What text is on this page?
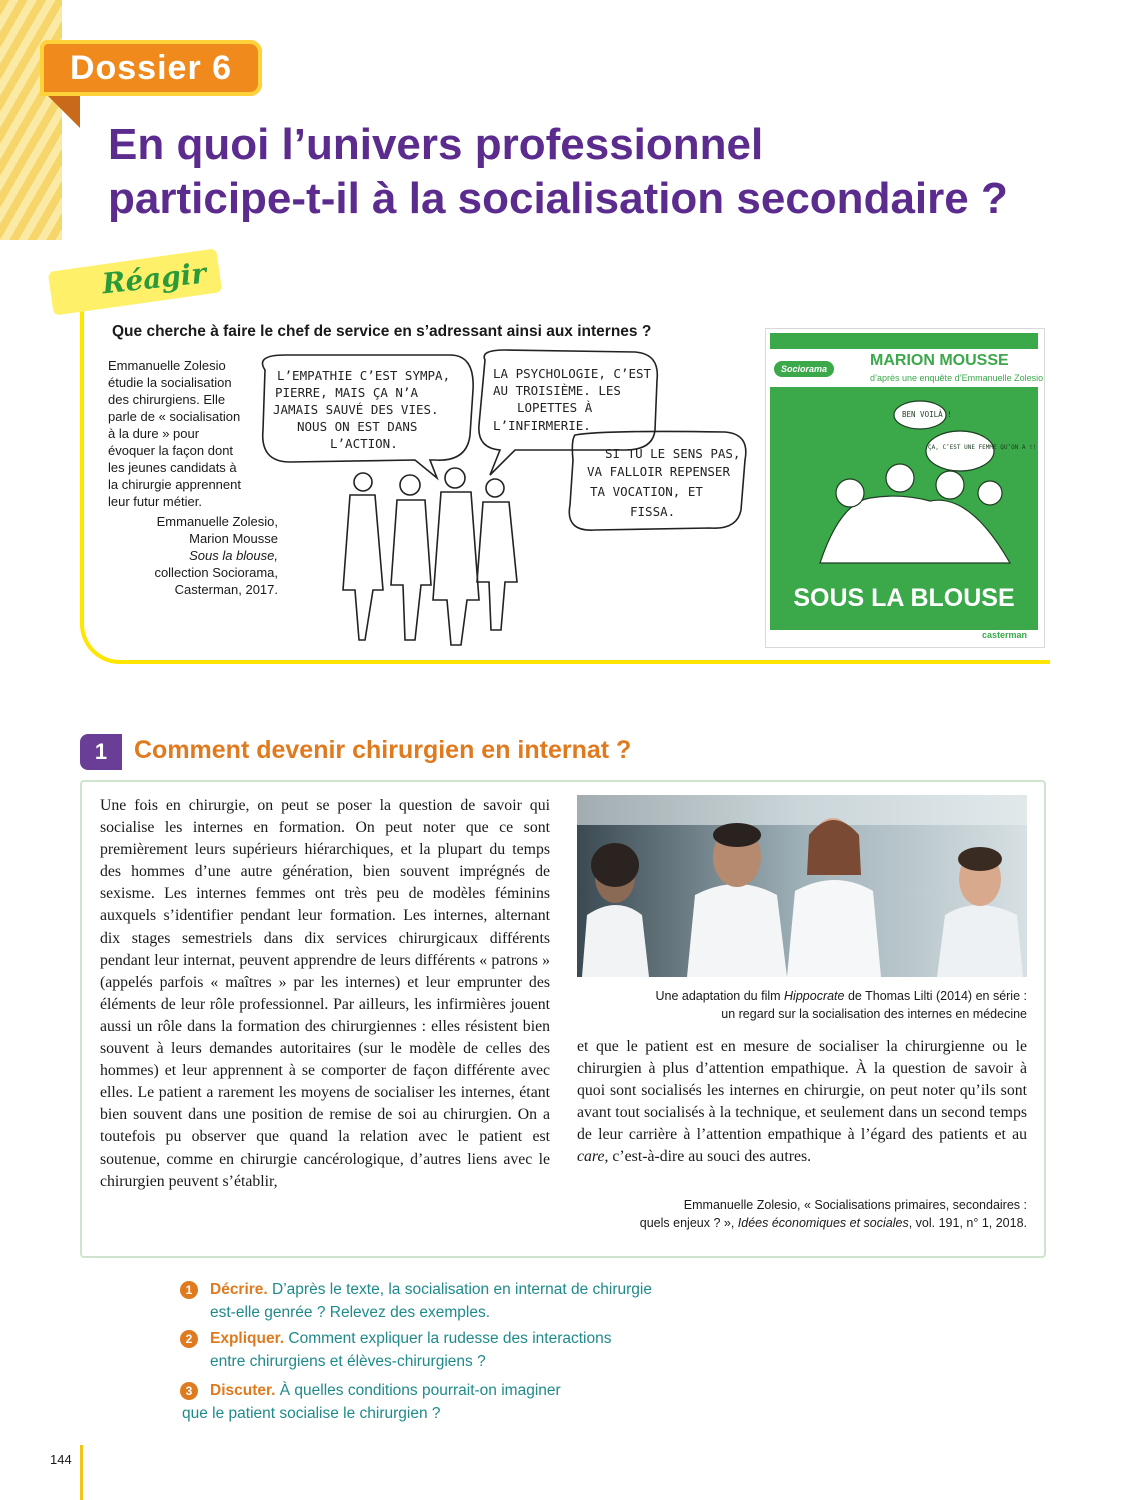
Dossier 6
En quoi l’univers professionnel
participe-t-il à la socialisation secondaire ?
Réagir
Que cherche à faire le chef de service en s’adressant ainsi aux internes ?
Emmanuelle Zolesio étudie la socialisation des chirurgiens. Elle parle de « socialisation à la dure » pour évoquer la façon dont les jeunes candidats à la chirurgie apprennent leur futur métier.
Emmanuelle Zolesio, Marion Mousse
Sous la blouse,
collection Sociorama, Casterman, 2017.
L’EMPATHIE C’EST SYMPA,
PIERRE, MAIS ÇA N’A
JAMAIS SAUVÉ DES VIES.
NOUS ON EST DANS
L’ACTION.
LA PSYCHOLOGIE, C’EST
AU TROISIÈME. LES
LOPETTES À
L’INFIRMERIE.
SI TU LE SENS PAS,
VA FALLOIR REPENSER
TA VOCATION, ET
FISSA.
Sociorama	MARION MOUSSE
d’après une enquête d’Emmanuelle Zolesio
BEN VOILÀ !
ÇA, C’EST UNE FEMME QU’ON A !!
SOUS LA BLOUSE
casterman
1	Comment devenir chirurgien en internat ?
Une fois en chirurgie, on peut se poser la question de savoir qui socialise les internes en formation. On peut noter que ce sont premièrement leurs supérieurs hiérarchiques, et la plupart du temps des hommes d’une autre génération, bien souvent imprégnés de sexisme. Les internes femmes ont très peu de modèles féminins auxquels s’identifier pendant leur formation. Les internes, alternant dix stages semestriels dans dix services chirurgicaux différents pendant leur internat, peuvent apprendre de leurs différents « patrons » (appelés parfois « maîtres » par les internes) et leur emprunter des éléments de leur rôle professionnel. Par ailleurs, les infirmières jouent aussi un rôle dans la formation des chirurgiennes : elles résistent bien souvent à leurs demandes autoritaires (sur le modèle de celles des hommes) et leur apprennent à se comporter de façon différente avec elles. Le patient a rarement les moyens de socialiser les internes, étant bien souvent dans une position de remise de soi au chirurgien. On a toutefois pu observer que quand la relation avec le patient est soutenue, comme en chirurgie cancérologique, d’autres liens avec le chirurgien peuvent s’établir,
Une adaptation du film Hippocrate de Thomas Lilti (2014) en série :
un regard sur la socialisation des internes en médecine
et que le patient est en mesure de socialiser la chirurgienne ou le chirurgien à plus d’attention empathique. À la question de savoir à quoi sont socialisés les internes en chirurgie, on peut noter qu’ils sont avant tout socialisés à la technique, et seulement dans un second temps de leur carrière à l’attention empathique à l’égard des patients et au care, c’est-à-dire au souci des autres.
Emmanuelle Zolesio, « Socialisations primaires, secondaires :
quels enjeux ? », Idées économiques et sociales, vol. 191, n° 1, 2018.
1	Décrire. D’après le texte, la socialisation en internat de chirurgie
est-elle genrée ? Relevez des exemples.
2	Expliquer. Comment expliquer la rudesse des interactions
entre chirurgiens et élèves-chirurgiens ?
3	Discuter. À quelles conditions pourrait-on imaginer
que le patient socialise le chirurgien ?
144
